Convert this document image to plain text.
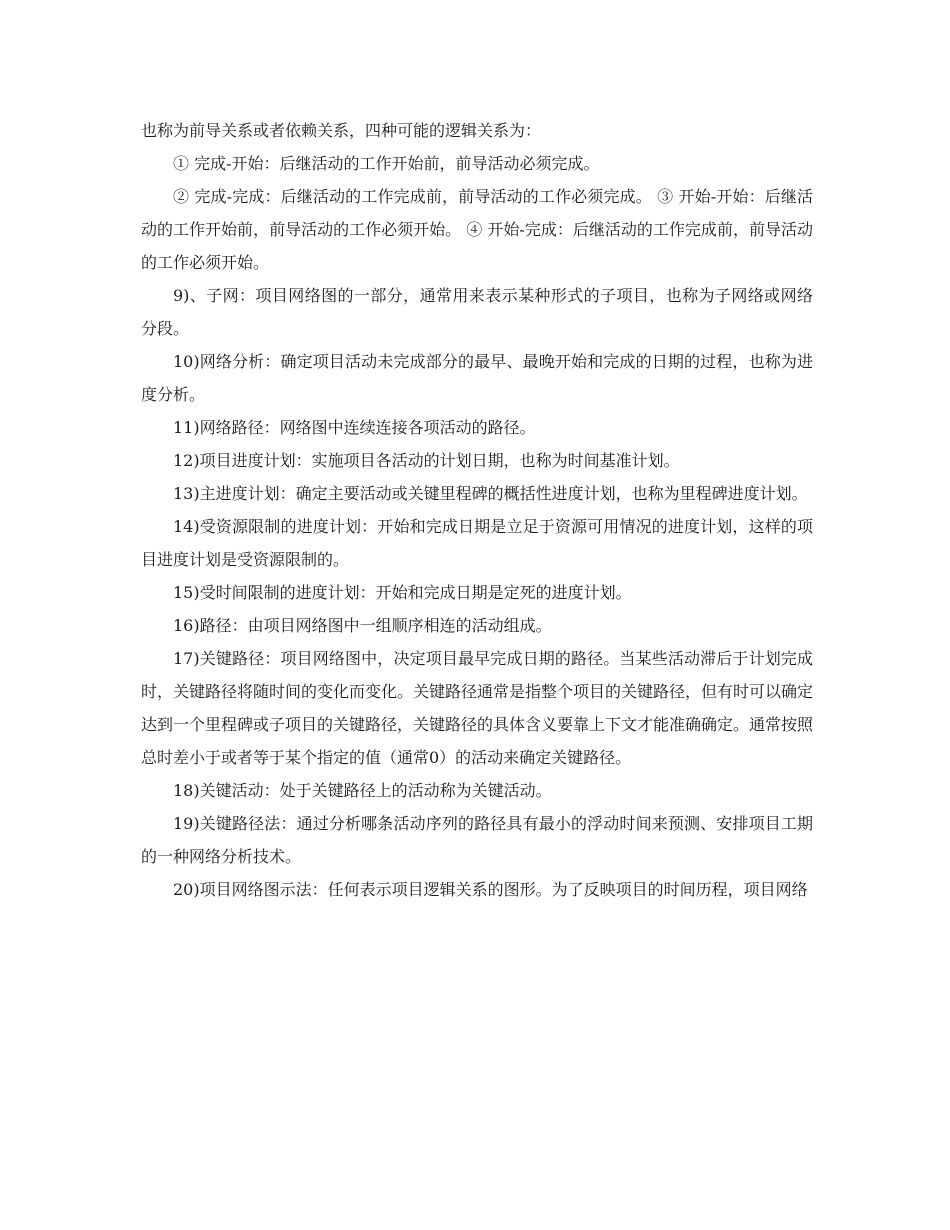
也称为前导关系或者依赖关系，四种可能的逻辑关系为：

① 完成-开始：后继活动的工作开始前，前导活动必须完成。

② 完成-完成：后继活动的工作完成前，前导活动的工作必须完成。 ③ 开始-开始：后继活动的工作开始前，前导活动的工作必须开始。 ④ 开始-完成：后继活动的工作完成前，前导活动的工作必须开始。

9)、子网：项目网络图的一部分，通常用来表示某种形式的子项目，也称为子网络或网络分段。

10)网络分析：确定项目活动未完成部分的最早、最晚开始和完成的日期的过程，也称为进度分析。

11)网络路径：网络图中连续连接各项活动的路径。

12)项目进度计划：实施项目各活动的计划日期，也称为时间基准计划。

13)主进度计划：确定主要活动或关键里程碑的概括性进度计划，也称为里程碑进度计划。

14)受资源限制的进度计划：开始和完成日期是立足于资源可用情况的进度计划，这样的项目进度计划是受资源限制的。

15)受时间限制的进度计划：开始和完成日期是定死的进度计划。

16)路径：由项目网络图中一组顺序相连的活动组成。

17)关键路径：项目网络图中，决定项目最早完成日期的路径。当某些活动滞后于计划完成时，关键路径将随时间的变化而变化。关键路径通常是指整个项目的关键路径，但有时可以确定达到一个里程碑或子项目的关键路径，关键路径的具体含义要靠上下文才能准确确定。通常按照总时差小于或者等于某个指定的值（通常0）的活动来确定关键路径。

18)关键活动：处于关键路径上的活动称为关键活动。

19)关键路径法：通过分析哪条活动序列的路径具有最小的浮动时间来预测、安排项目工期的一种网络分析技术。

20)项目网络图示法：任何表示项目逻辑关系的图形。为了反映项目的时间历程，项目网络
